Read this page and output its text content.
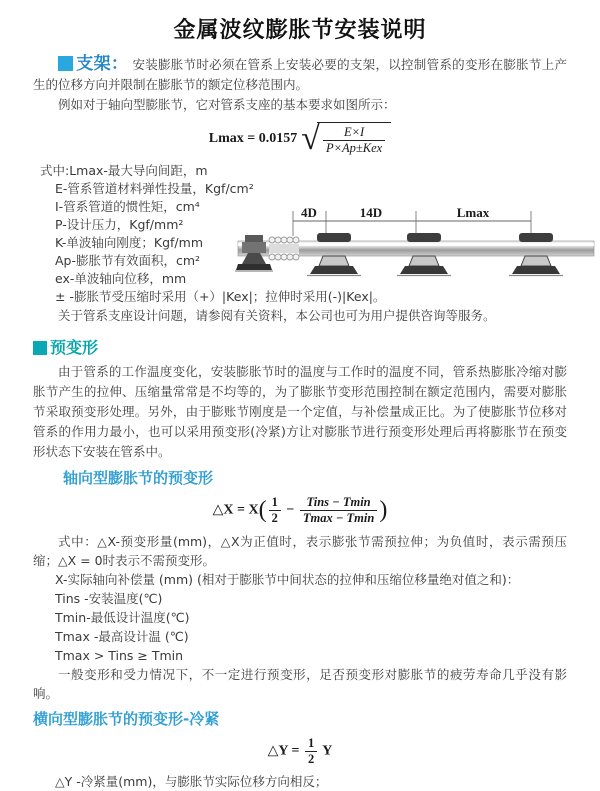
金属波纹膨胀节安装说明

支架： 安装膨胀节时必须在管系上安装必要的支架，以控制管系的变形在膨胀节上产生的位移方向并限制在膨胀节的额定位移范围内。

例如对于轴向型膨胀节，它对管系支座的基本要求如图所示：

Lmax = 0.0157 √ $\frac{E\times I}{\text{P×Ap±Kex}}$
式中:Lmax-最大导向间距，m
E-管系管道材料弹性投量，Kgf/cm²
I-管系管道的惯性矩，cm⁴
P-设计压力，Kgf/mm²
K-单波轴向刚度；Kgf/mm
Ap-膨胀节有效面积，cm²
ex-单波轴向位移，mm
± -膨胀节受压缩时采用（+）|Kex|；拉伸时采用(-)|Kex|。

关于管系支座设计问题，请参阅有关资料，本公司也可为用户提供咨询等服务。

预变形

由于管系的工作温度变化，安装膨胀节时的温度与工作时的温度不同，管系热膨胀冷缩对膨胀节产生的拉伸、压缩量常常是不均等的，为了膨胀节变形范围控制在额定范围内，需要对膨胀节采取预变形处理。另外，由于膨账节刚度是一个定值，与补偿量成正比。为了使膨胀节位移对管系的作用力最小，也可以采用预变形(冷紧)方让对膨胀节进行预变形处理后再将膨胀节在预变形状态下安装在管系中。

轴向型膨胀节的预变形
△X = $X( \frac{1}{2} - \frac{\text{Tins − Tmin}}{Tmax - Tmin}$ )

式中：△X-预变形量(mm)，△X为正值时，表示膨张节需预拉伸；为负值时，表示需预压缩；△X = 0时表示不需预变形。

X-实际轴向补偿量 (mm) (相对于膨胀节中间状态的拉伸和压缩位移量绝对值之和)：

Tins -安装温度(℃)

Tmin-最低设计温度(℃)

Tmax -最高设计温 (℃)

Tmax > Tins ≥ Tmin

一般变形和受力情况下，不一定进行预变形，足否预变形对膨胀节的疲劳寿命几乎没有影响。

横向型膨胀节的预变形-冷紧
△Y = $\frac{1}{2}$ Y

△Y -冷紧量(mm)，与膨胀节实际位移方向相反；

4D	14D	Lmax
